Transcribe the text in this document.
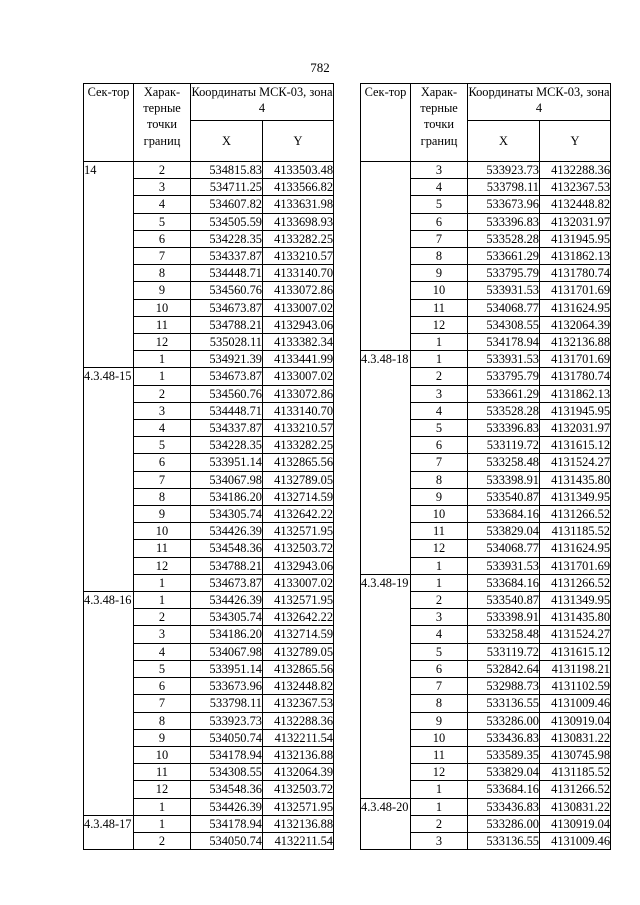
782
Сек-тор	Харак-терные точки границ	Координаты МСК-03, зона 4	
		X	Y
14	2	534815.83	4133503.48
	3	534711.25	4133566.82
	4	534607.82	4133631.98
	5	534505.59	4133698.93
	6	534228.35	4133282.25
	7	534337.87	4133210.57
	8	534448.71	4133140.70
	9	534560.76	4133072.86
	10	534673.87	4133007.02
	11	534788.21	4132943.06
	12	535028.11	4133382.34
	1	534921.39	4133441.99
4.3.48-15	1	534673.87	4133007.02
	2	534560.76	4133072.86
	3	534448.71	4133140.70
	4	534337.87	4133210.57
	5	534228.35	4133282.25
	6	533951.14	4132865.56
	7	534067.98	4132789.05
	8	534186.20	4132714.59
	9	534305.74	4132642.22
	10	534426.39	4132571.95
	11	534548.36	4132503.72
	12	534788.21	4132943.06
	1	534673.87	4133007.02
4.3.48-16	1	534426.39	4132571.95
	2	534305.74	4132642.22
	3	534186.20	4132714.59
	4	534067.98	4132789.05
	5	533951.14	4132865.56
	6	533673.96	4132448.82
	7	533798.11	4132367.53
	8	533923.73	4132288.36
	9	534050.74	4132211.54
	10	534178.94	4132136.88
	11	534308.55	4132064.39
	12	534548.36	4132503.72
	1	534426.39	4132571.95
4.3.48-17	1	534178.94	4132136.88
	2	534050.74	4132211.54
Сек-тор	Харак-терные точки границ	Координаты МСК-03, зона 4	
		X	Y
	3	533923.73	4132288.36
	4	533798.11	4132367.53
	5	533673.96	4132448.82
	6	533396.83	4132031.97
	7	533528.28	4131945.95
	8	533661.29	4131862.13
	9	533795.79	4131780.74
	10	533931.53	4131701.69
	11	534068.77	4131624.95
	12	534308.55	4132064.39
	1	534178.94	4132136.88
4.3.48-18	1	533931.53	4131701.69
	2	533795.79	4131780.74
	3	533661.29	4131862.13
	4	533528.28	4131945.95
	5	533396.83	4132031.97
	6	533119.72	4131615.12
	7	533258.48	4131524.27
	8	533398.91	4131435.80
	9	533540.87	4131349.95
	10	533684.16	4131266.52
	11	533829.04	4131185.52
	12	534068.77	4131624.95
	1	533931.53	4131701.69
4.3.48-19	1	533684.16	4131266.52
	2	533540.87	4131349.95
	3	533398.91	4131435.80
	4	533258.48	4131524.27
	5	533119.72	4131615.12
	6	532842.64	4131198.21
	7	532988.73	4131102.59
	8	533136.55	4131009.46
	9	533286.00	4130919.04
	10	533436.83	4130831.22
	11	533589.35	4130745.98
	12	533829.04	4131185.52
	1	533684.16	4131266.52
4.3.48-20	1	533436.83	4130831.22
	2	533286.00	4130919.04
	3	533136.55	4131009.46
